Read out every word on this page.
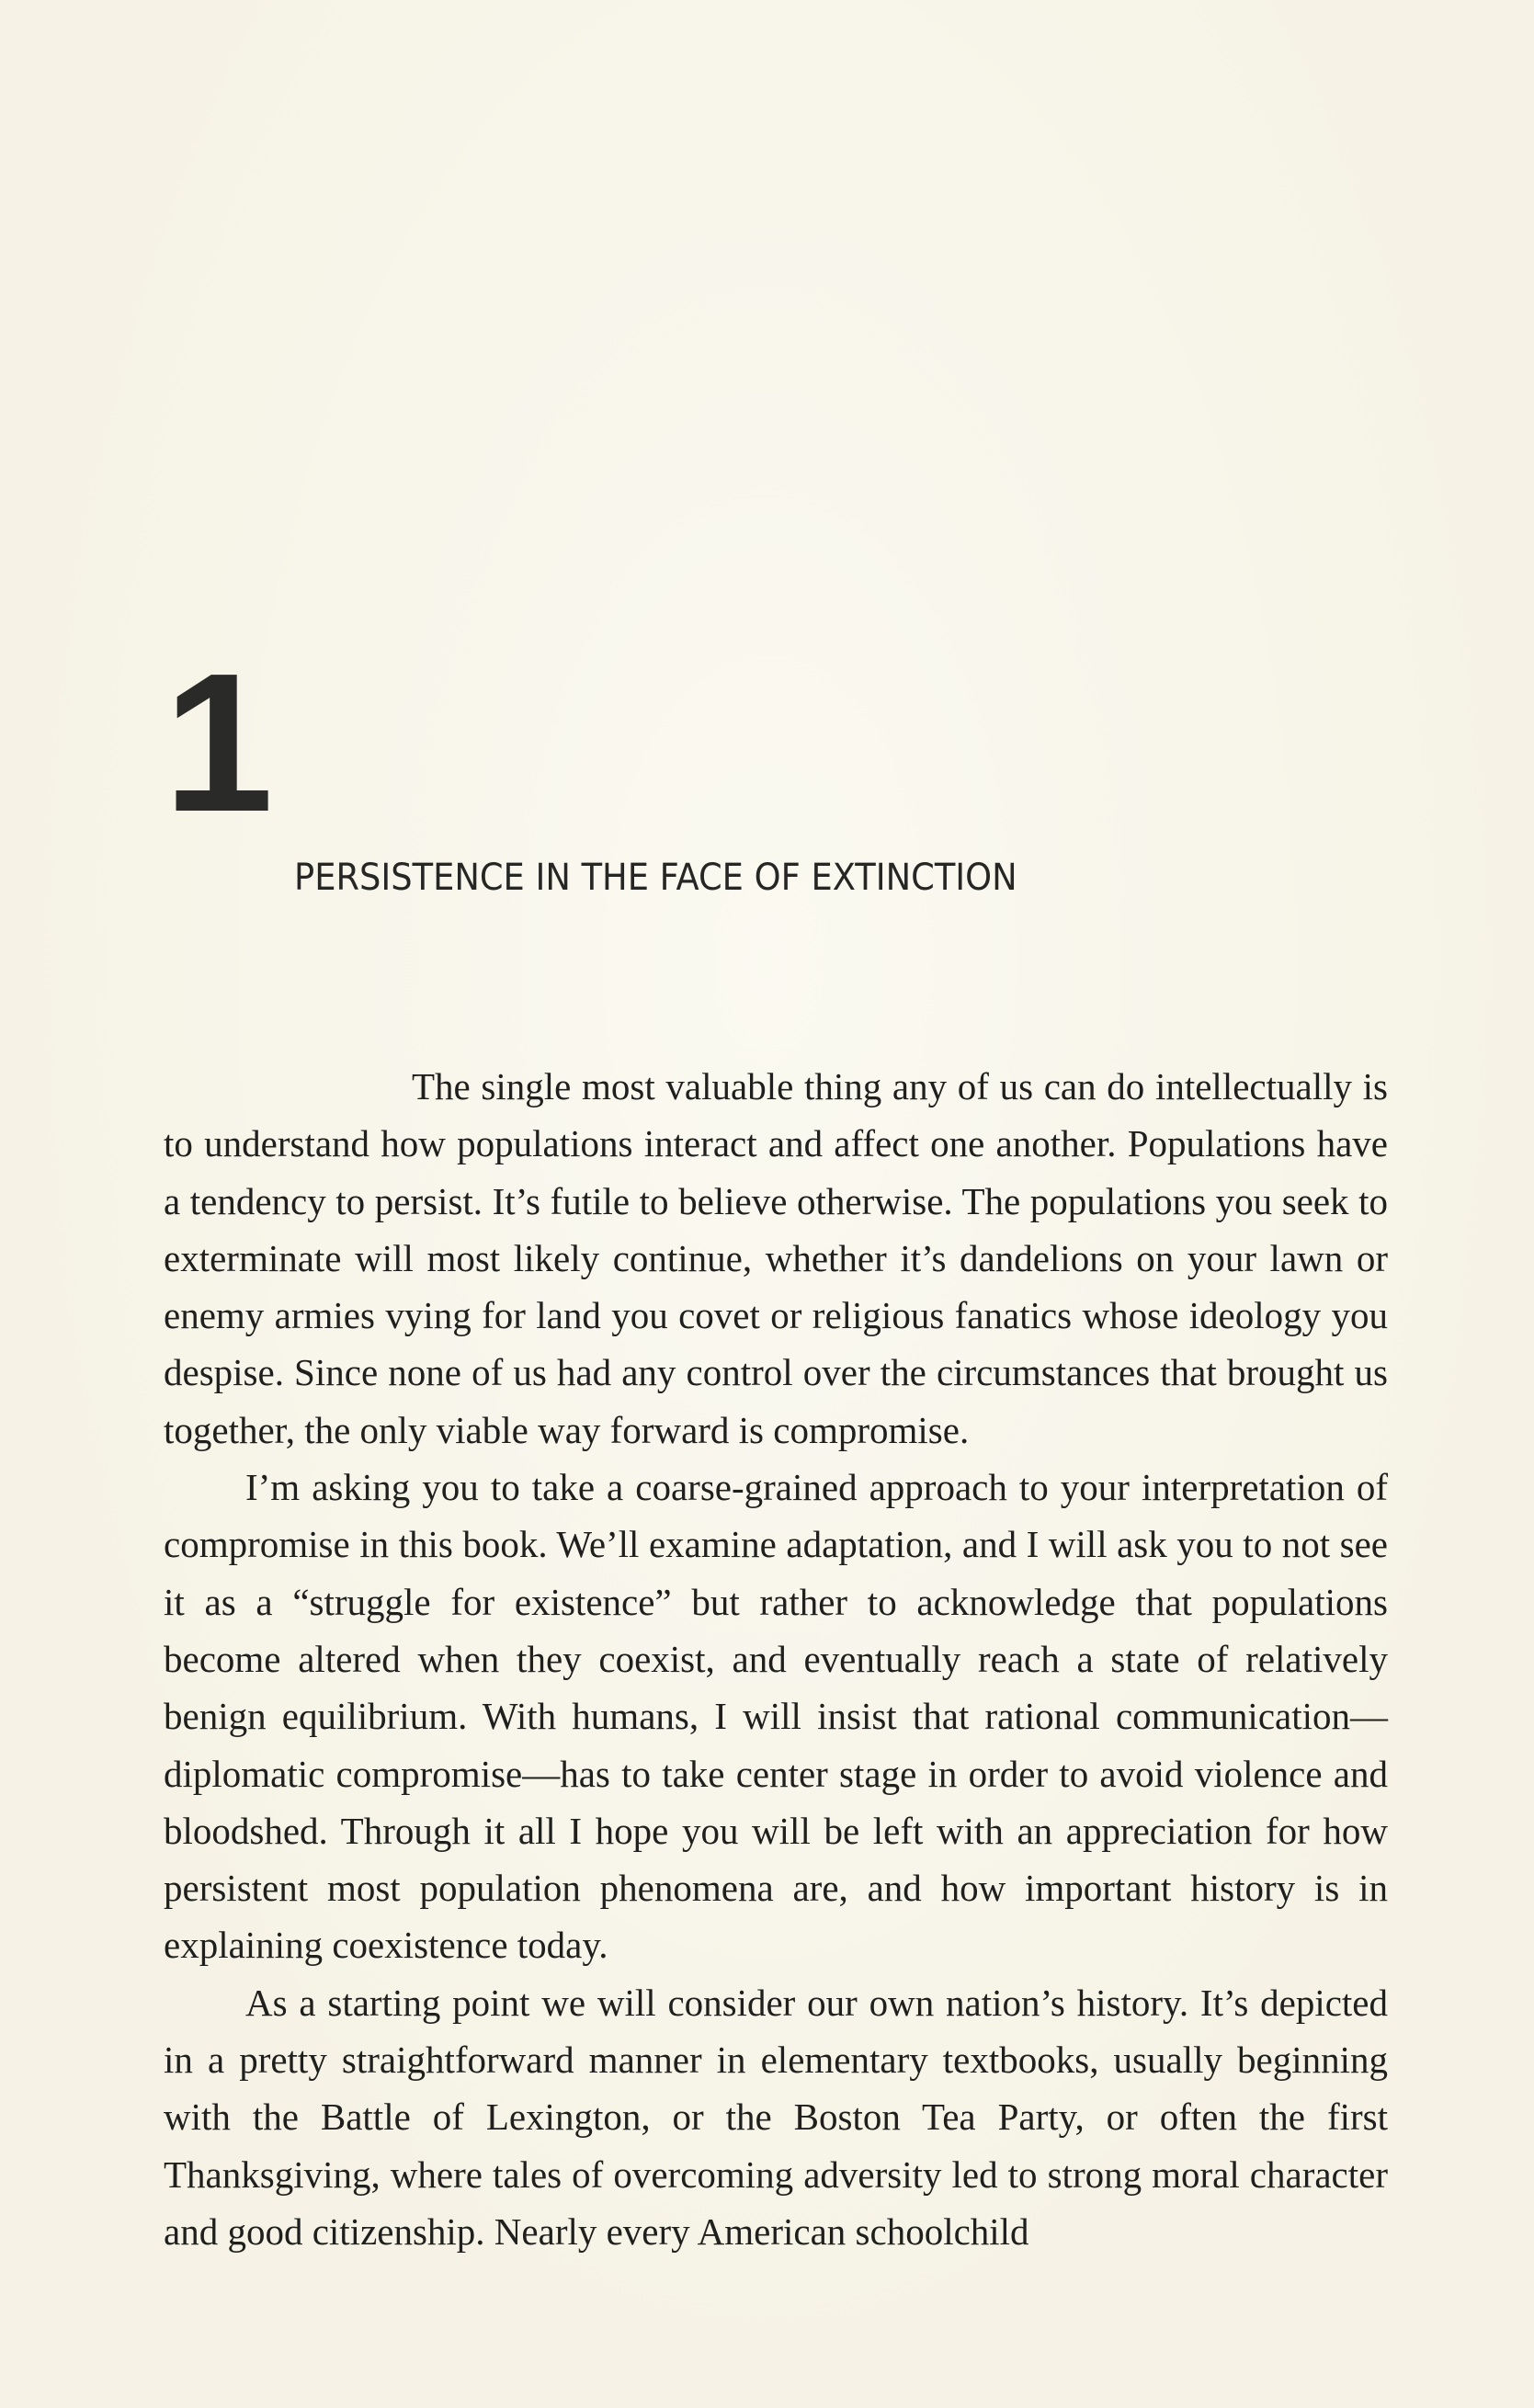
1
PERSISTENCE IN THE FACE OF EXTINCTION

The single most valuable thing any of us can do intellectually is to understand how populations interact and affect one another. Populations have a tendency to persist. It’s futile to believe otherwise. The populations you seek to exterminate will most likely continue, whether it’s dandelions on your lawn or enemy armies vying for land you covet or religious fanatics whose ideology you despise. Since none of us had any control over the circumstances that brought us together, the only viable way forward is compromise.

I’m asking you to take a coarse-grained approach to your interpretation of compromise in this book. We’ll examine adaptation, and I will ask you to not see it as a “struggle for existence” but rather to acknowledge that populations become altered when they coexist, and eventually reach a state of relatively benign equilibrium. With humans, I will insist that rational communication—diplomatic compromise—has to take center stage in order to avoid violence and bloodshed. Through it all I hope you will be left with an appreciation for how persistent most population phenomena are, and how important history is in explaining coexistence today.

As a starting point we will consider our own nation’s history. It’s depicted in a pretty straightforward manner in elementary textbooks, usually beginning with the Battle of Lexington, or the Boston Tea Party, or often the first Thanksgiving, where tales of overcoming adversity led to strong moral character and good citizenship. Nearly every American schoolchild
